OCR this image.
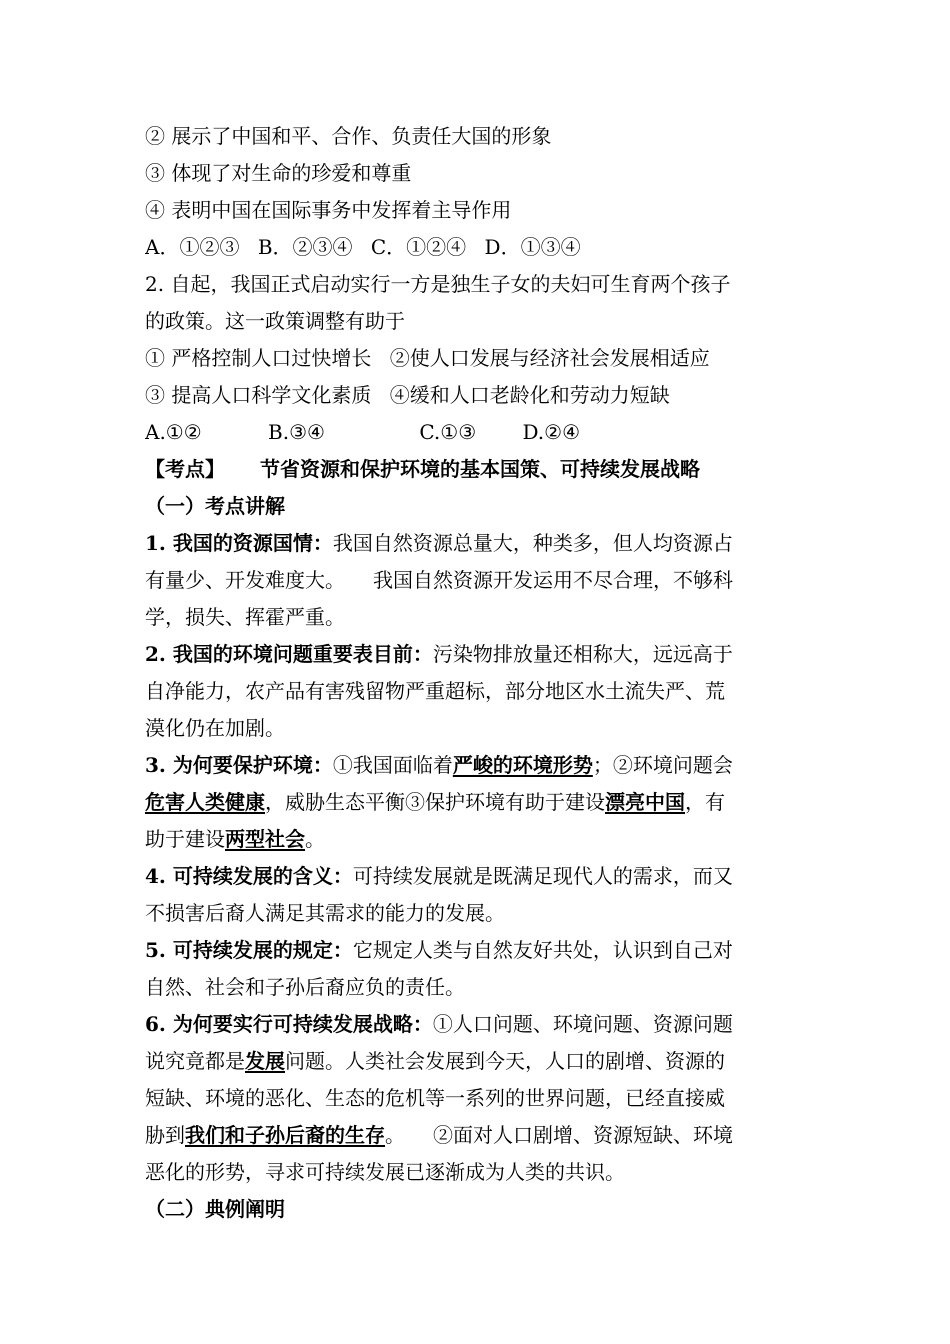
② 展示了中国和平、合作、负责任大国的形象
③ 体现了对生命的珍爱和尊重
④ 表明中国在国际事务中发挥着主导作用
A．①②③ B．②③④ C．①②④ D．①③④
2. 自起，我国正式启动实行一方是独生子女的夫妇可生育两个孩子
的政策。这一政策调整有助于
① 严格控制人口过快增长 ②使人口发展与经济社会发展相适应
③ 提高人口科学文化素质 ④缓和人口老龄化和劳动力短缺
A.①②	B.③④	C.①③ D.②④
【考点】 节省资源和保护环境的基本国策、可持续发展战略
（一）考点讲解
1. 我国的资源国情：我国自然资源总量大，种类多，但人均资源占
有量少、开发难度大。 我国自然资源开发运用不尽合理，不够科
学，损失、挥霍严重。
2. 我国的环境问题重要表目前：污染物排放量还相称大，远远高于
自净能力，农产品有害残留物严重超标，部分地区水土流失严、荒
漠化仍在加剧。
3. 为何要保护环境：①我国面临着严峻的环境形势；②环境问题会
危害人类健康，威胁生态平衡③保护环境有助于建设漂亮中国，有
助于建设两型社会。
4. 可持续发展的含义：可持续发展就是既满足现代人的需求，而又
不损害后裔人满足其需求的能力的发展。
5. 可持续发展的规定：它规定人类与自然友好共处，认识到自己对
自然、社会和子孙后裔应负的责任。
6. 为何要实行可持续发展战略：①人口问题、环境问题、资源问题
说究竟都是发展问题。人类社会发展到今天，人口的剧增、资源的
短缺、环境的恶化、生态的危机等一系列的世界问题，已经直接威
胁到我们和子孙后裔的生存。 ②面对人口剧增、资源短缺、环境
恶化的形势，寻求可持续发展已逐渐成为人类的共识。
（二）典例阐明
